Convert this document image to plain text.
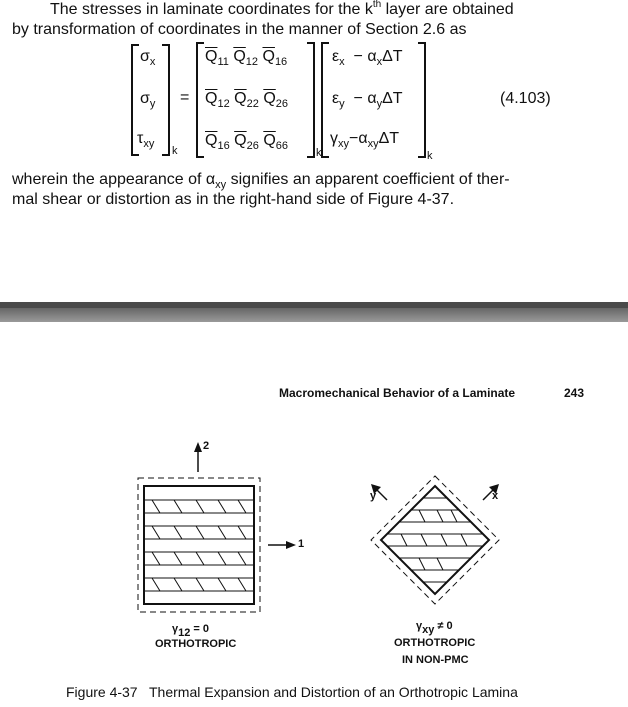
The stresses in laminate coordinates for the $k^{th}$ layer are obtained
by transformation of coordinates in the manner of Section 2.6 as
$\sigma_x$
$\sigma_y$
$\tau_{xy}$
k
=
$\overline{Q}_{11}$ $\overline{Q}_{12}$ $\overline{Q}_{16}$
$\overline{Q}_{12}$ $\overline{Q}_{22}$ $\overline{Q}_{26}$
$\overline{Q}_{16}$ $\overline{Q}_{26}$ $\overline{Q}_{66}$
k
$\varepsilon_x - \alpha_x\Delta T$
$\varepsilon_y - \alpha_y\Delta T$
$\gamma_{xy}-\alpha_{xy}\Delta T$
k
(4.103)
wherein the appearance of $\alpha_{xy}$ signifies an apparent coefficient of ther-
mal shear or distortion as in the right-hand side of Figure 4-37.
Macromechanical Behavior of a Laminate	243
2
1
γ12 = 0
ORTHOTROPIC
y	x
γxy ≠ 0
ORTHOTROPIC
IN NON-PMC
Figure 4-37   Thermal Expansion and Distortion of an Orthotropic Lamina
